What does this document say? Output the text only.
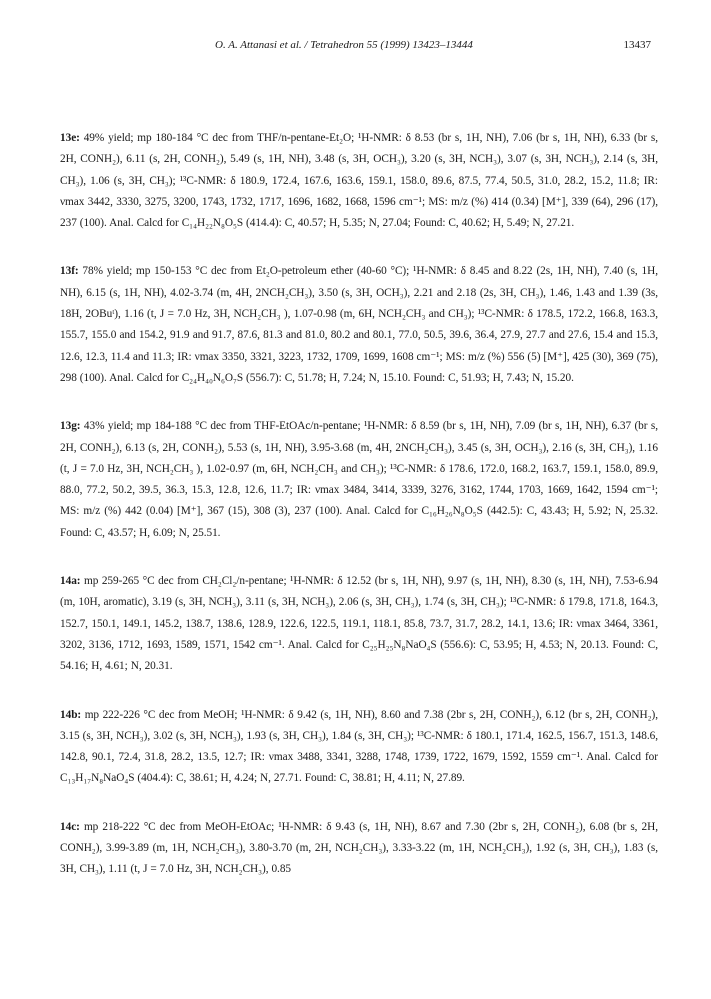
O. A. Attanasi et al. / Tetrahedron 55 (1999) 13423–13444	13437

13e: 49% yield; mp 180-184 °C dec from THF/n-pentane-Et₂O; ¹H-NMR: δ 8.53 (br s, 1H, NH), 7.06 (br s, 1H, NH), 6.33 (br s, 2H, CONH₂), 6.11 (s, 2H, CONH₂), 5.49 (s, 1H, NH), 3.48 (s, 3H, OCH₃), 3.20 (s, 3H, NCH₃), 3.07 (s, 3H, NCH₃), 2.14 (s, 3H, CH₃), 1.06 (s, 3H, CH₃); ¹³C-NMR: δ 180.9, 172.4, 167.6, 163.6, 159.1, 158.0, 89.6, 87.5, 77.4, 50.5, 31.0, 28.2, 15.2, 11.8; IR: νmax 3442, 3330, 3275, 3200, 1743, 1732, 1717, 1696, 1682, 1668, 1596 cm⁻¹; MS: m/z (%) 414 (0.34) [M⁺], 339 (64), 296 (17), 237 (100). Anal. Calcd for C₁₄H₂₂N₈O₅S (414.4): C, 40.57; H, 5.35; N, 27.04; Found: C, 40.62; H, 5.49; N, 27.21.

13f: 78% yield; mp 150-153 °C dec from Et₂O-petroleum ether (40-60 °C); ¹H-NMR: δ 8.45 and 8.22 (2s, 1H, NH), 7.40 (s, 1H, NH), 6.15 (s, 1H, NH), 4.02-3.74 (m, 4H, 2NCH₂CH₃), 3.50 (s, 3H, OCH₃), 2.21 and 2.18 (2s, 3H, CH₃), 1.46, 1.43 and 1.39 (3s, 18H, 2OBuᵗ), 1.16 (t, J = 7.0 Hz, 3H, NCH₂CH₃ ), 1.07-0.98 (m, 6H, NCH₂CH₃ and CH₃); ¹³C-NMR: δ 178.5, 172.2, 166.8, 163.3, 155.7, 155.0 and 154.2, 91.9 and 91.7, 87.6, 81.3 and 81.0, 80.2 and 80.1, 77.0, 50.5, 39.6, 36.4, 27.9, 27.7 and 27.6, 15.4 and 15.3, 12.6, 12.3, 11.4 and 11.3; IR: νmax 3350, 3321, 3223, 1732, 1709, 1699, 1608 cm⁻¹; MS: m/z (%) 556 (5) [M⁺], 425 (30), 369 (75), 298 (100). Anal. Calcd for C₂₄H₄₀N₆O₇S (556.7): C, 51.78; H, 7.24; N, 15.10. Found: C, 51.93; H, 7.43; N, 15.20.

13g: 43% yield; mp 184-188 °C dec from THF-EtOAc/n-pentane; ¹H-NMR: δ 8.59 (br s, 1H, NH), 7.09 (br s, 1H, NH), 6.37 (br s, 2H, CONH₂), 6.13 (s, 2H, CONH₂), 5.53 (s, 1H, NH), 3.95-3.68 (m, 4H, 2NCH₂CH₃), 3.45 (s, 3H, OCH₃), 2.16 (s, 3H, CH₃), 1.16 (t, J = 7.0 Hz, 3H, NCH₂CH₃ ), 1.02-0.97 (m, 6H, NCH₂CH₃ and CH₃); ¹³C-NMR: δ 178.6, 172.0, 168.2, 163.7, 159.1, 158.0, 89.9, 88.0, 77.2, 50.2, 39.5, 36.3, 15.3, 12.8, 12.6, 11.7; IR: νmax 3484, 3414, 3339, 3276, 3162, 1744, 1703, 1669, 1642, 1594 cm⁻¹; MS: m/z (%) 442 (0.04) [M⁺], 367 (15), 308 (3), 237 (100). Anal. Calcd for C₁₆H₂₆N₈O₅S (442.5): C, 43.43; H, 5.92; N, 25.32. Found: C, 43.57; H, 6.09; N, 25.51.

14a: mp 259-265 °C dec from CH₂Cl₂/n-pentane; ¹H-NMR: δ 12.52 (br s, 1H, NH), 9.97 (s, 1H, NH), 8.30 (s, 1H, NH), 7.53-6.94 (m, 10H, aromatic), 3.19 (s, 3H, NCH₃), 3.11 (s, 3H, NCH₃), 2.06 (s, 3H, CH₃), 1.74 (s, 3H, CH₃); ¹³C-NMR: δ 179.8, 171.8, 164.3, 152.7, 150.1, 149.1, 145.2, 138.7, 138.6, 128.9, 122.6, 122.5, 119.1, 118.1, 85.8, 73.7, 31.7, 28.2, 14.1, 13.6; IR: νmax 3464, 3361, 3202, 3136, 1712, 1693, 1589, 1571, 1542 cm⁻¹. Anal. Calcd for C₂₅H₂₅N₈NaO₄S (556.6): C, 53.95; H, 4.53; N, 20.13. Found: C, 54.16; H, 4.61; N, 20.31.

14b: mp 222-226 °C dec from MeOH; ¹H-NMR: δ 9.42 (s, 1H, NH), 8.60 and 7.38 (2br s, 2H, CONH₂), 6.12 (br s, 2H, CONH₂), 3.15 (s, 3H, NCH₃), 3.02 (s, 3H, NCH₃), 1.93 (s, 3H, CH₃), 1.84 (s, 3H, CH₃); ¹³C-NMR: δ 180.1, 171.4, 162.5, 156.7, 151.3, 148.6, 142.8, 90.1, 72.4, 31.8, 28.2, 13.5, 12.7; IR: νmax 3488, 3341, 3288, 1748, 1739, 1722, 1679, 1592, 1559 cm⁻¹. Anal. Calcd for C₁₃H₁₇N₈NaO₄S (404.4): C, 38.61; H, 4.24; N, 27.71. Found: C, 38.81; H, 4.11; N, 27.89.

14c: mp 218-222 °C dec from MeOH-EtOAc; ¹H-NMR: δ 9.43 (s, 1H, NH), 8.67 and 7.30 (2br s, 2H, CONH₂), 6.08 (br s, 2H, CONH₂), 3.99-3.89 (m, 1H, NCH₂CH₃), 3.80-3.70 (m, 2H, NCH₂CH₃), 3.33-3.22 (m, 1H, NCH₂CH₃), 1.92 (s, 3H, CH₃), 1.83 (s, 3H, CH₃), 1.11 (t, J = 7.0 Hz, 3H, NCH₂CH₃), 0.85
